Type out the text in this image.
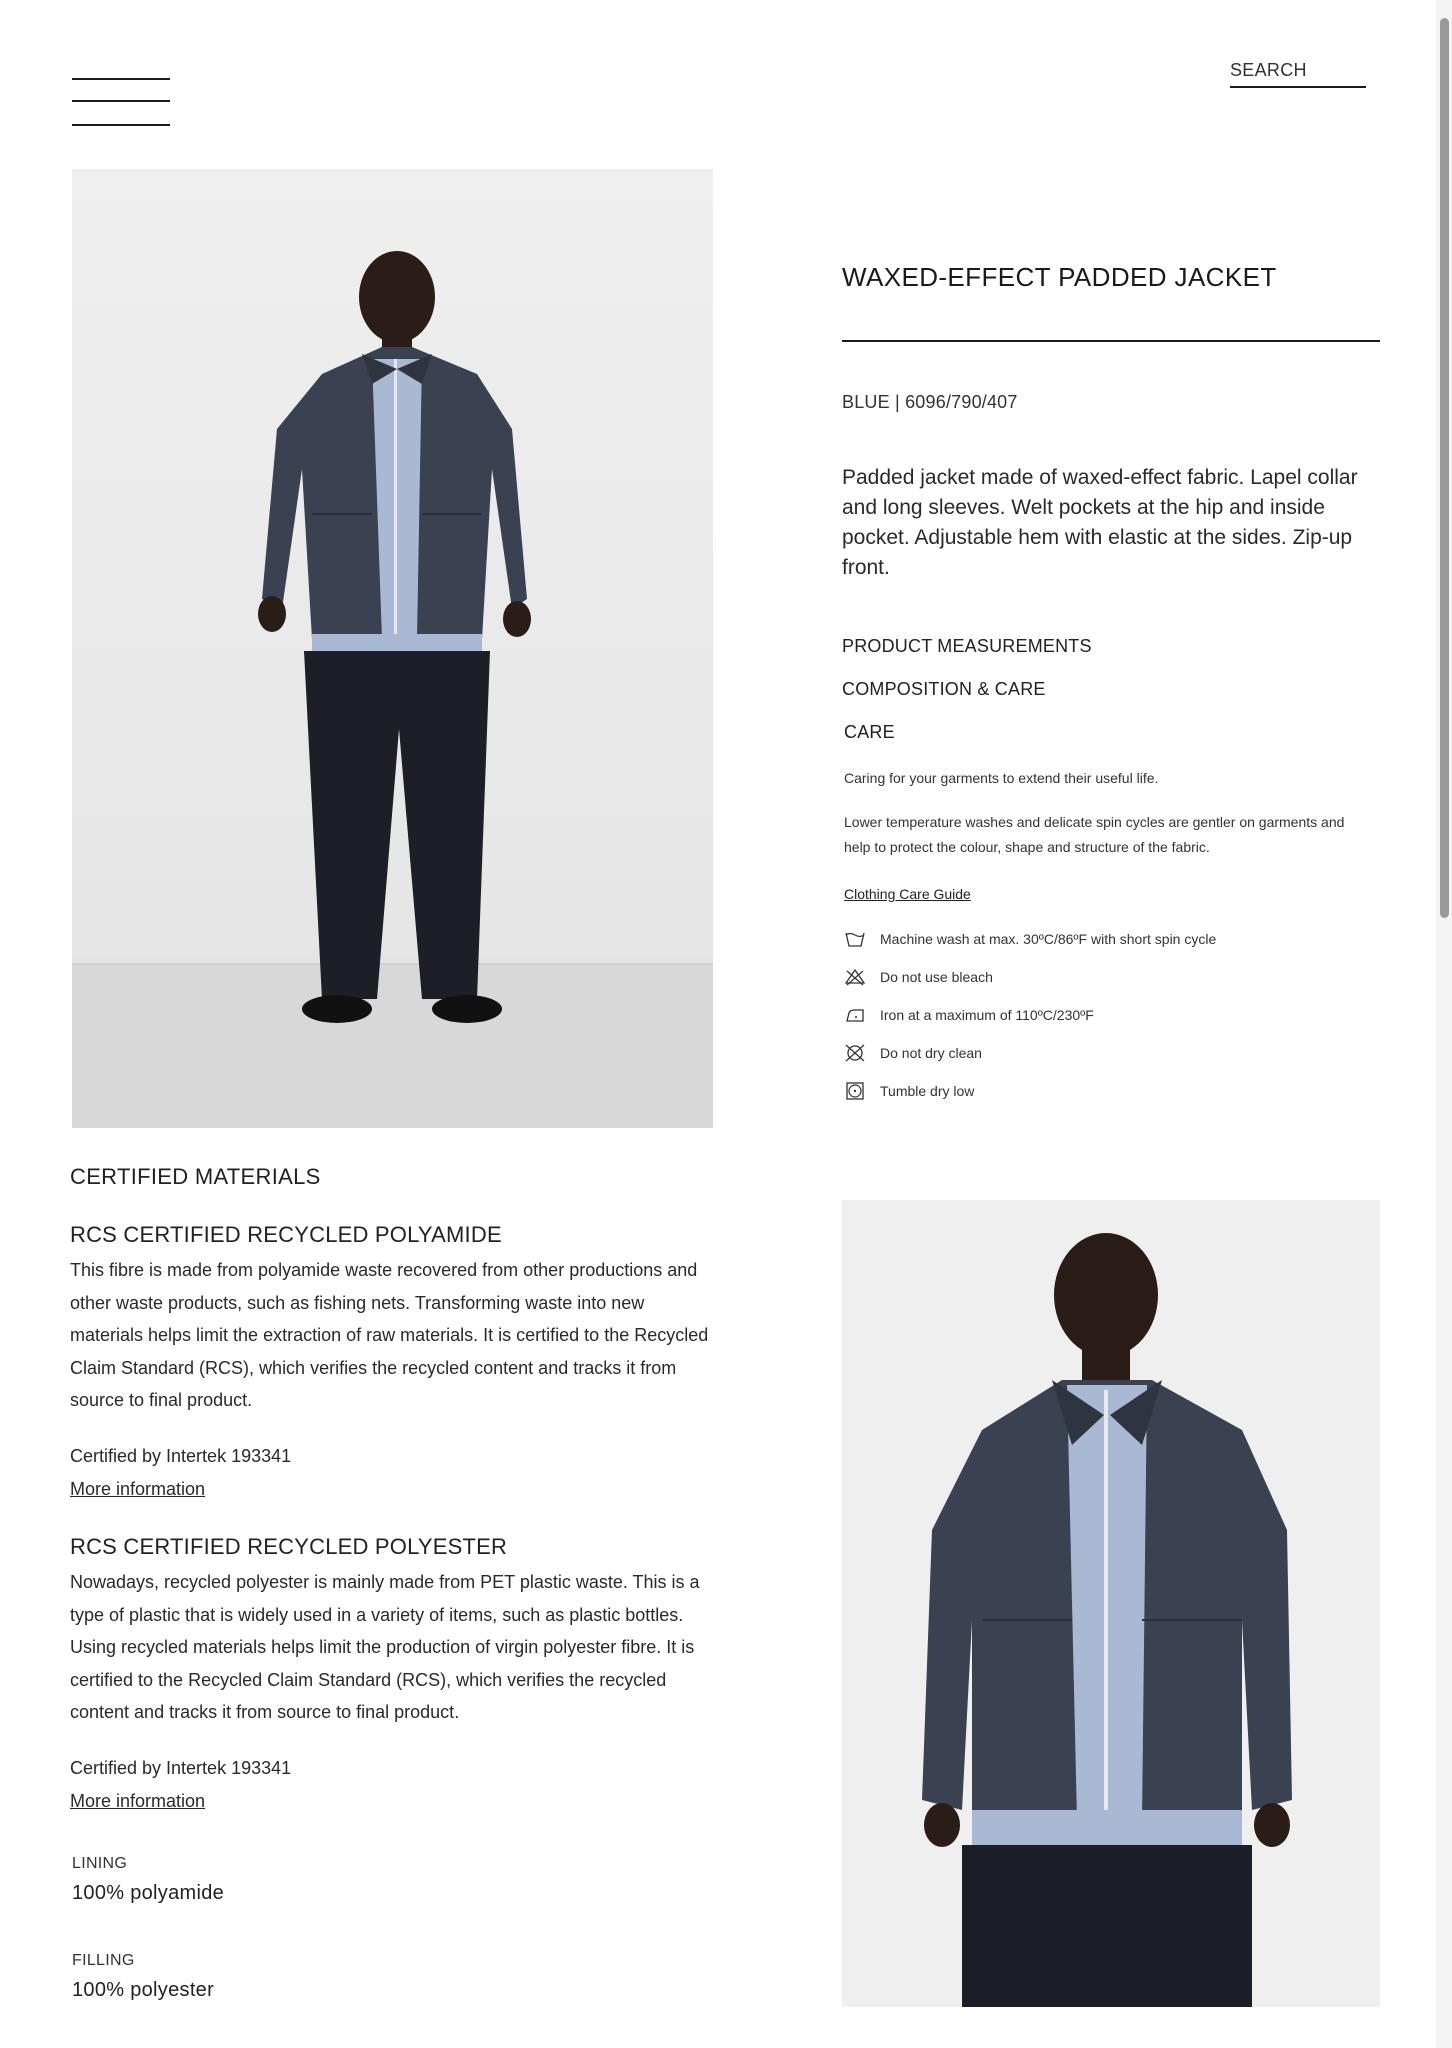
SEARCH
WAXED-EFFECT PADDED JACKET
BLUE | 6096/790/407
Padded jacket made of waxed-effect fabric. Lapel collar and long sleeves. Welt pockets at the hip and inside pocket. Adjustable hem with elastic at the sides. Zip-up front.
PRODUCT MEASUREMENTS
COMPOSITION & CARE
CARE
Caring for your garments to extend their useful life.
Lower temperature washes and delicate spin cycles are gentler on garments and help to protect the colour, shape and structure of the fabric.
Clothing Care Guide
Machine wash at max. 30ºC/86ºF with short spin cycle
Do not use bleach
Iron at a maximum of 110ºC/230ºF
Do not dry clean
Tumble dry low
CERTIFIED MATERIALS
RCS CERTIFIED RECYCLED POLYAMIDE
This fibre is made from polyamide waste recovered from other productions and other waste products, such as fishing nets. Transforming waste into new materials helps limit the extraction of raw materials. It is certified to the Recycled Claim Standard (RCS), which verifies the recycled content and tracks it from source to final product.
Certified by Intertek 193341
More information
RCS CERTIFIED RECYCLED POLYESTER
Nowadays, recycled polyester is mainly made from PET plastic waste. This is a type of plastic that is widely used in a variety of items, such as plastic bottles. Using recycled materials helps limit the production of virgin polyester fibre. It is certified to the Recycled Claim Standard (RCS), which verifies the recycled content and tracks it from source to final product.
Certified by Intertek 193341
More information
LINING
100% polyamide
FILLING
100% polyester
